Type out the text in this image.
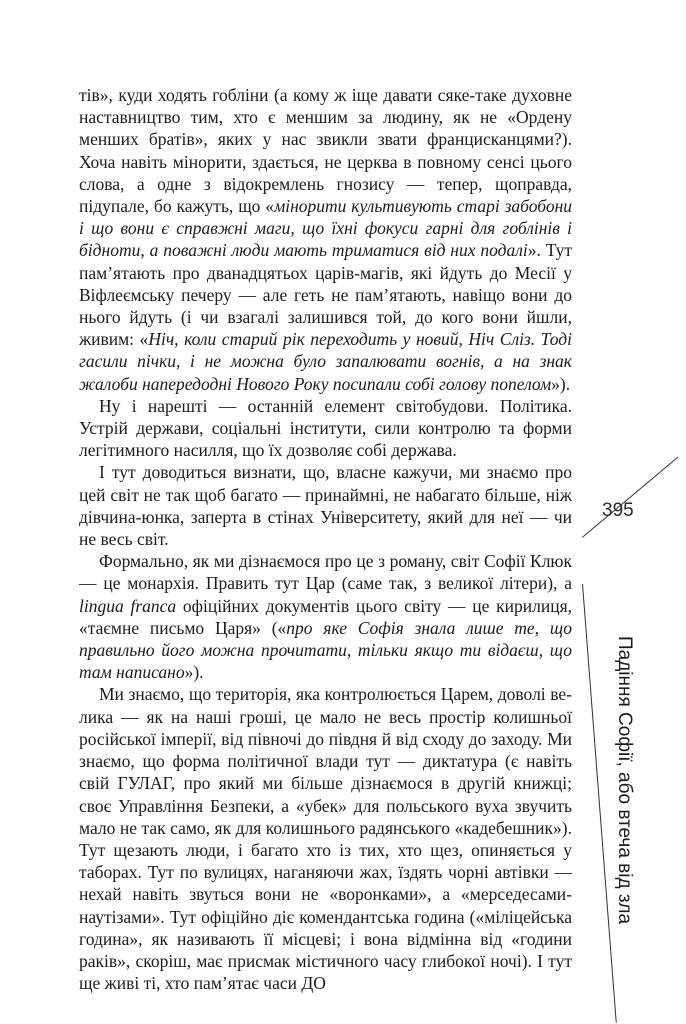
тів», куди ходять гобліни (а кому ж іще давати сяке-таке духовне наставництво тим, хто є меншим за людину, як не «Ордену менших братів», яких у нас звикли звати францисканцями?). Хоча навіть мінорити, здається, не церква в повному сенсі цього слова, а одне з відокремлень гнозису — тепер, щоправда, підупале, бо кажуть, що «мінорити культивують старі забобони і що вони є справжні маги, що їхні фокуси гарні для гоблінів і бідноти, а поважні люди мають триматися від них подалі». Тут пам’ятають про дванадцятьох царів-магів, які йдуть до Месії у Віфлеємську печеру — але геть не пам’ятають, навіщо вони до нього йдуть (і чи взагалі залишився той, до кого вони йшли, живим: «Ніч, коли старий рік переходить у новий, Ніч Сліз. Тоді гасили пічки, і не можна було запалювати вогнів, а на знак жалоби напередодні Нового Року посипали собі голову попелом»).

Ну і нарешті — останній елемент світобудови. Політика. Устрій держави, соціальні інститути, сили контролю та форми легітимного насилля, що їх дозволяє собі держава.

І тут доводиться визнати, що, власне кажучи, ми знаємо про цей світ не так щоб багато — принаймні, не набагато більше, ніж дівчина-юнка, заперта в стінах Університету, який для неї — чи не весь світ.

Формально, як ми дізнаємося про це з роману, світ Софії Клюк — це монархія. Править тут Цар (саме так, з великої літери), а lingua franca офіційних документів цього світу — це кирилиця, «таємне письмо Царя» («про яке Софія знала лише те, що правильно його можна прочитати, тільки якщо ти відаєш, що там написано»).

Ми знаємо, що територія, яка контролюється Царем, доволі велика — як на наші гроші, це мало не весь простір колишньої російської імперії, від півночі до півдня й від сходу до заходу. Ми знаємо, що форма політичної влади тут — диктатура (є навіть свій ГУЛАГ, про який ми більше дізнаємося в другій книжці; своє Управління Безпеки, а «убек» для польського вуха звучить мало не так само, як для колишнього радянського «кадебешник»). Тут щезають люди, і багато хто із тих, хто щез, опиняється у таборах. Тут по вулицях, наганяючи жах, їздять чорні автівки — нехай навіть звуться вони не «воронками», а «мерседесами-наутізами». Тут офіційно діє комендантська година («міліцейська година», як називають її місцеві; і вона відмінна від «години раків», скоріш, має присмак містичного часу глибокої ночі). І тут ще живі ті, хто пам’ятає часи ДО

395
Падіння Софії, або втеча від зла
